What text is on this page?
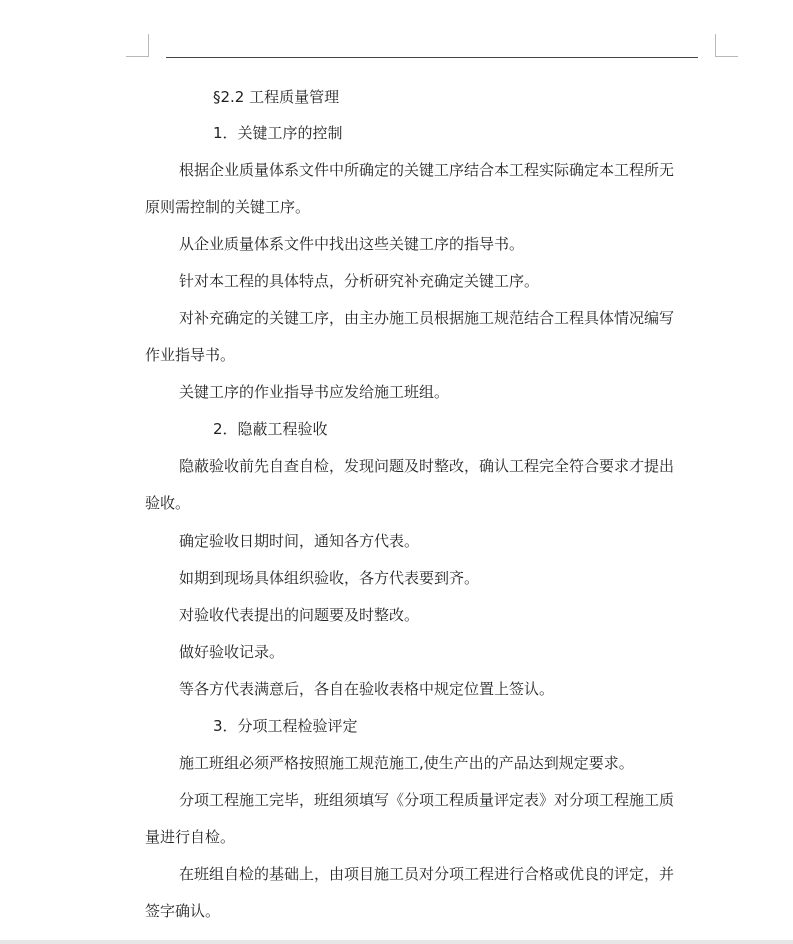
§2.2 工程质量管理
1．关键工序的控制
根据企业质量体系文件中所确定的关键工序结合本工程实际确定本工程所无
原则需控制的关键工序。
从企业质量体系文件中找出这些关键工序的指导书。
针对本工程的具体特点，分析研究补充确定关键工序。
对补充确定的关键工序，由主办施工员根据施工规范结合工程具体情况编写
作业指导书。
关键工序的作业指导书应发给施工班组。
2．隐蔽工程验收
隐蔽验收前先自查自检，发现问题及时整改，确认工程完全符合要求才提出
验收。
确定验收日期时间，通知各方代表。
如期到现场具体组织验收，各方代表要到齐。
对验收代表提出的问题要及时整改。
做好验收记录。
等各方代表满意后，各自在验收表格中规定位置上签认。
3．分项工程检验评定
施工班组必须严格按照施工规范施工,使生产出的产品达到规定要求。
分项工程施工完毕，班组须填写《分项工程质量评定表》对分项工程施工质
量进行自检。
在班组自检的基础上，由项目施工员对分项工程进行合格或优良的评定，并
签字确认。
